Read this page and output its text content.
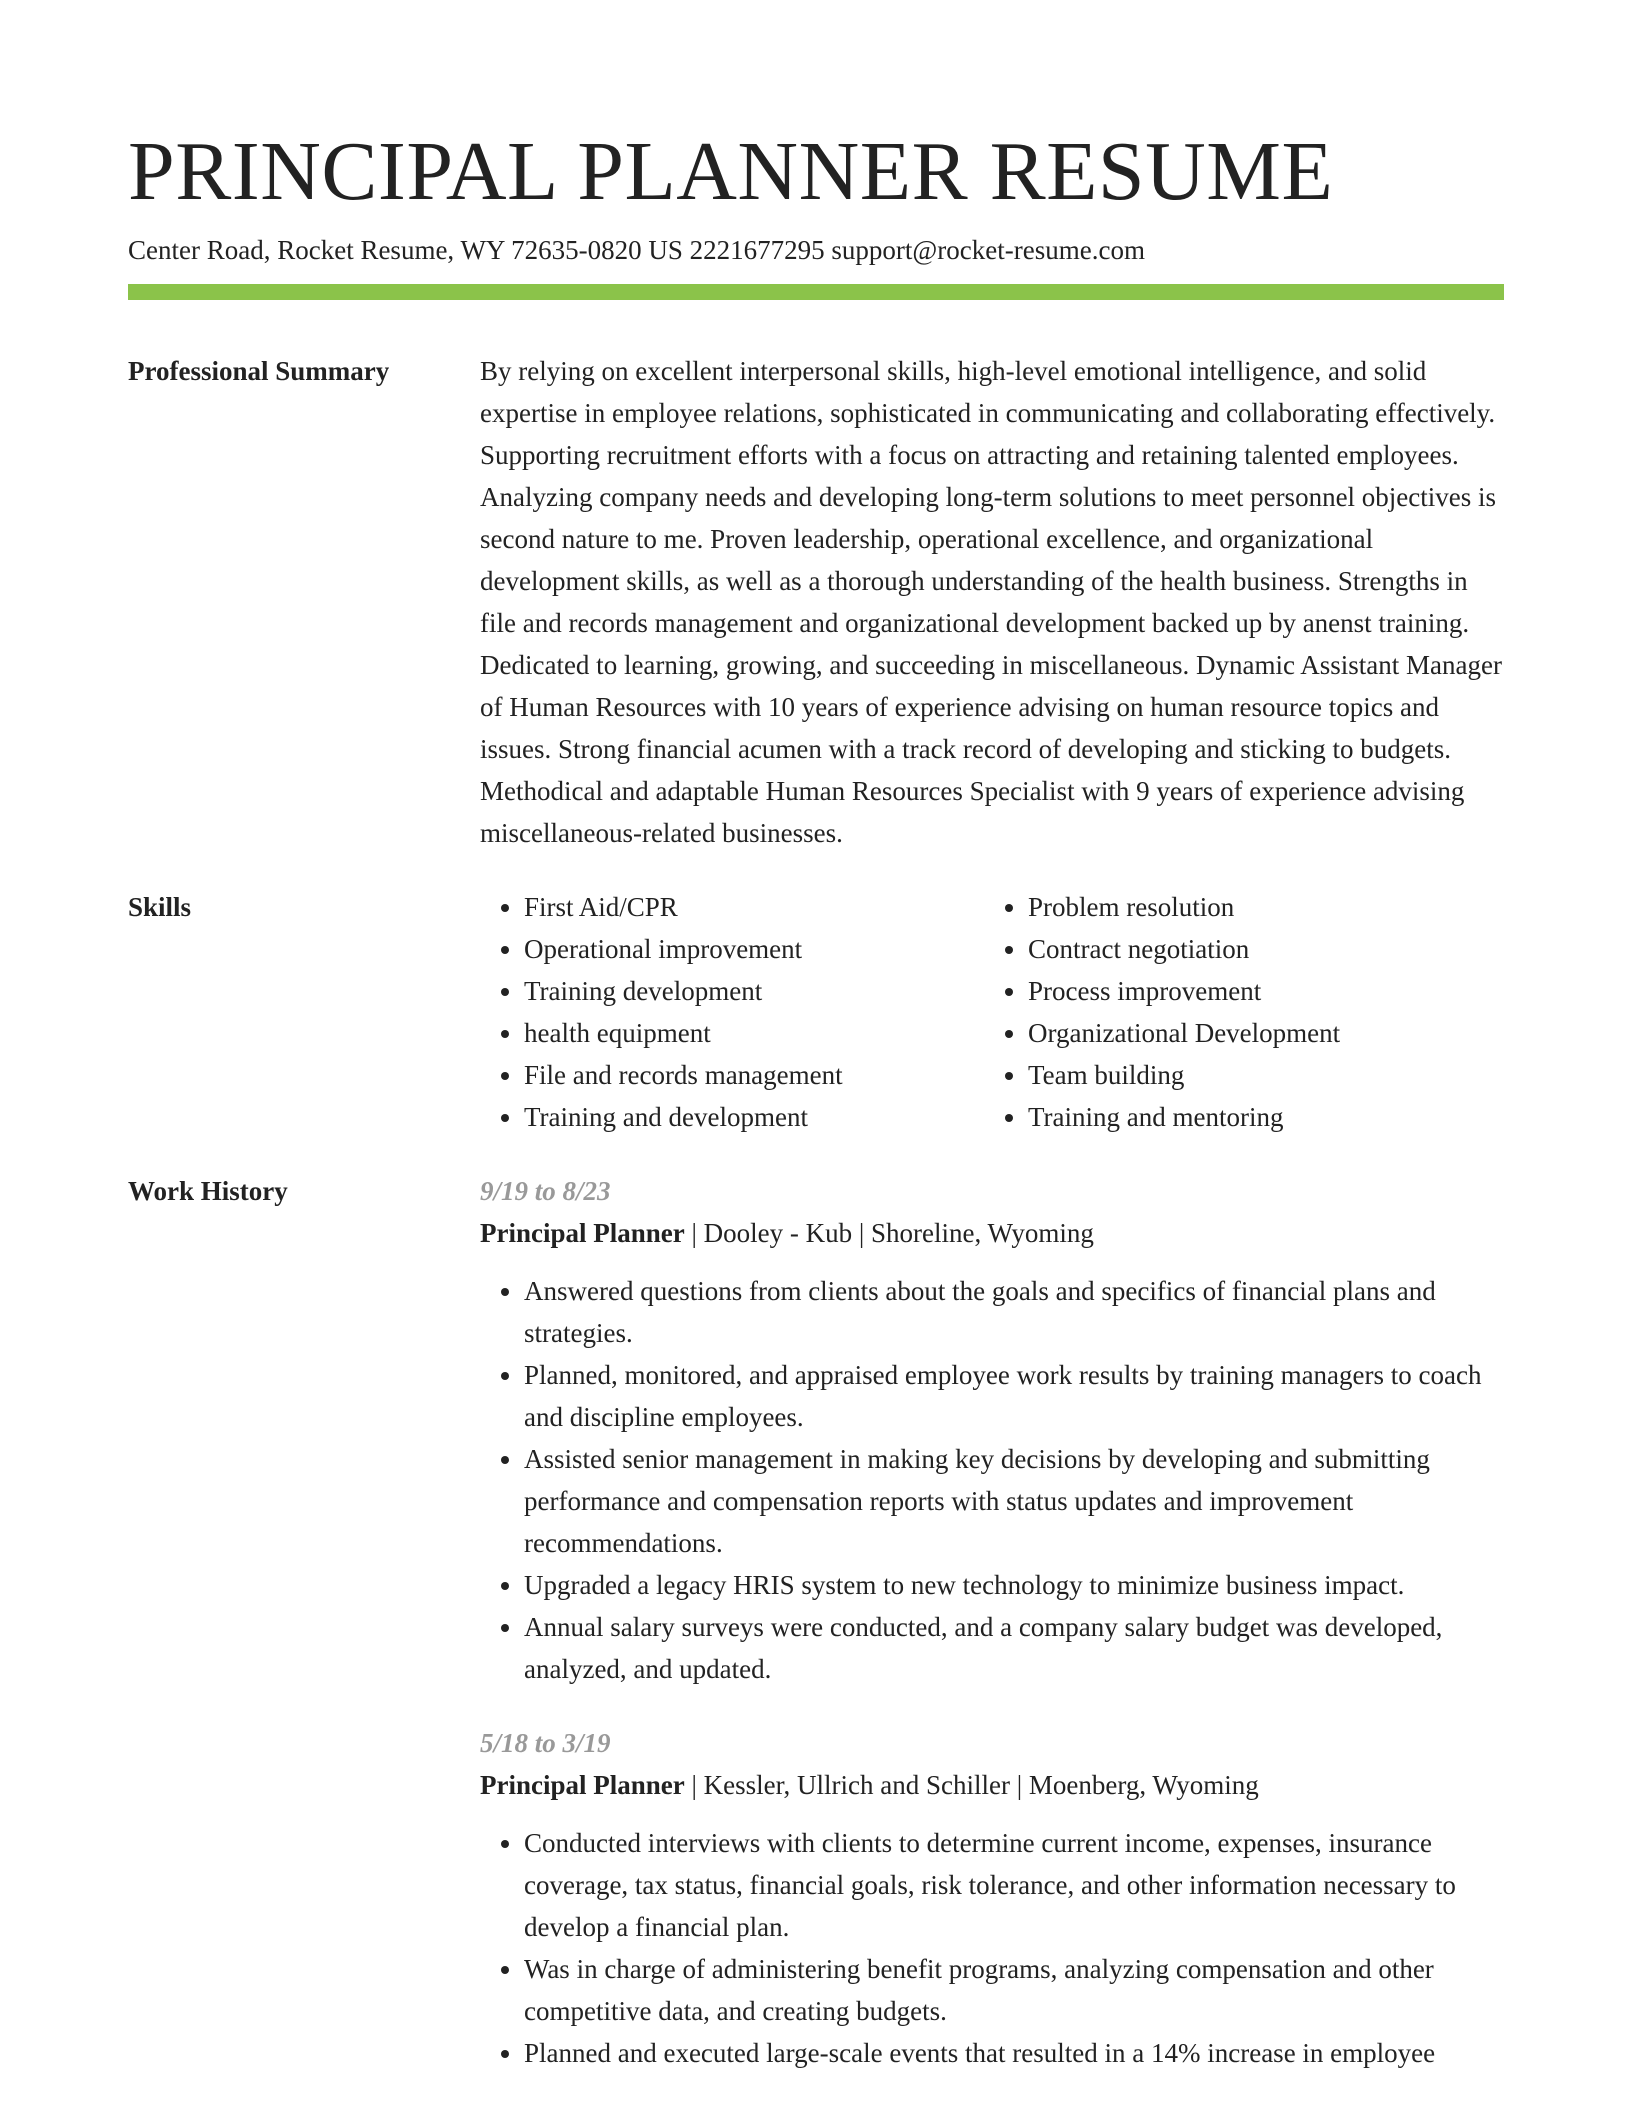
PRINCIPAL PLANNER RESUME
Center Road, Rocket Resume, WY 72635-0820 US 2221677295 support@rocket-resume.com
Professional Summary	By relying on excellent interpersonal skills, high-level emotional intelligence, and solid expertise in employee relations, sophisticated in communicating and collaborating effectively. Supporting recruitment efforts with a focus on attracting and retaining talented employees. Analyzing company needs and developing long-term solutions to meet personnel objectives is second nature to me. Proven leadership, operational excellence, and organizational development skills, as well as a thorough understanding of the health business. Strengths in file and records management and organizational development backed up by anenst training. Dedicated to learning, growing, and succeeding in miscellaneous. Dynamic Assistant Manager of Human Resources with 10 years of experience advising on human resource topics and issues. Strong financial acumen with a track record of developing and sticking to budgets. Methodical and adaptable Human Resources Specialist with 9 years of experience advising miscellaneous-related businesses.

Skills
•	First Aid/CPR
• Operational improvement
• Training development
• health equipment
• File and records management
• Training and development
• Problem resolution
• Contract negotiation
• Process improvement
• Organizational Development
• Team building
• Training and mentoring
Work History	9/19 to 8/23
Principal Planner | Dooley - Kub | Shoreline, Wyoming
• Answered questions from clients about the goals and specifics of financial plans and strategies.
• Planned, monitored, and appraised employee work results by training managers to coach and discipline employees.
• Assisted senior management in making key decisions by developing and submitting performance and compensation reports with status updates and improvement recommendations.
• Upgraded a legacy HRIS system to new technology to minimize business impact.
• Annual salary surveys were conducted, and a company salary budget was developed, analyzed, and updated.
5/18 to 3/19
Principal Planner | Kessler, Ullrich and Schiller | Moenberg, Wyoming
• Conducted interviews with clients to determine current income, expenses, insurance coverage, tax status, financial goals, risk tolerance, and other information necessary to develop a financial plan.
• Was in charge of administering benefit programs, analyzing compensation and other competitive data, and creating budgets.
• Planned and executed large-scale events that resulted in a 14% increase in employee
